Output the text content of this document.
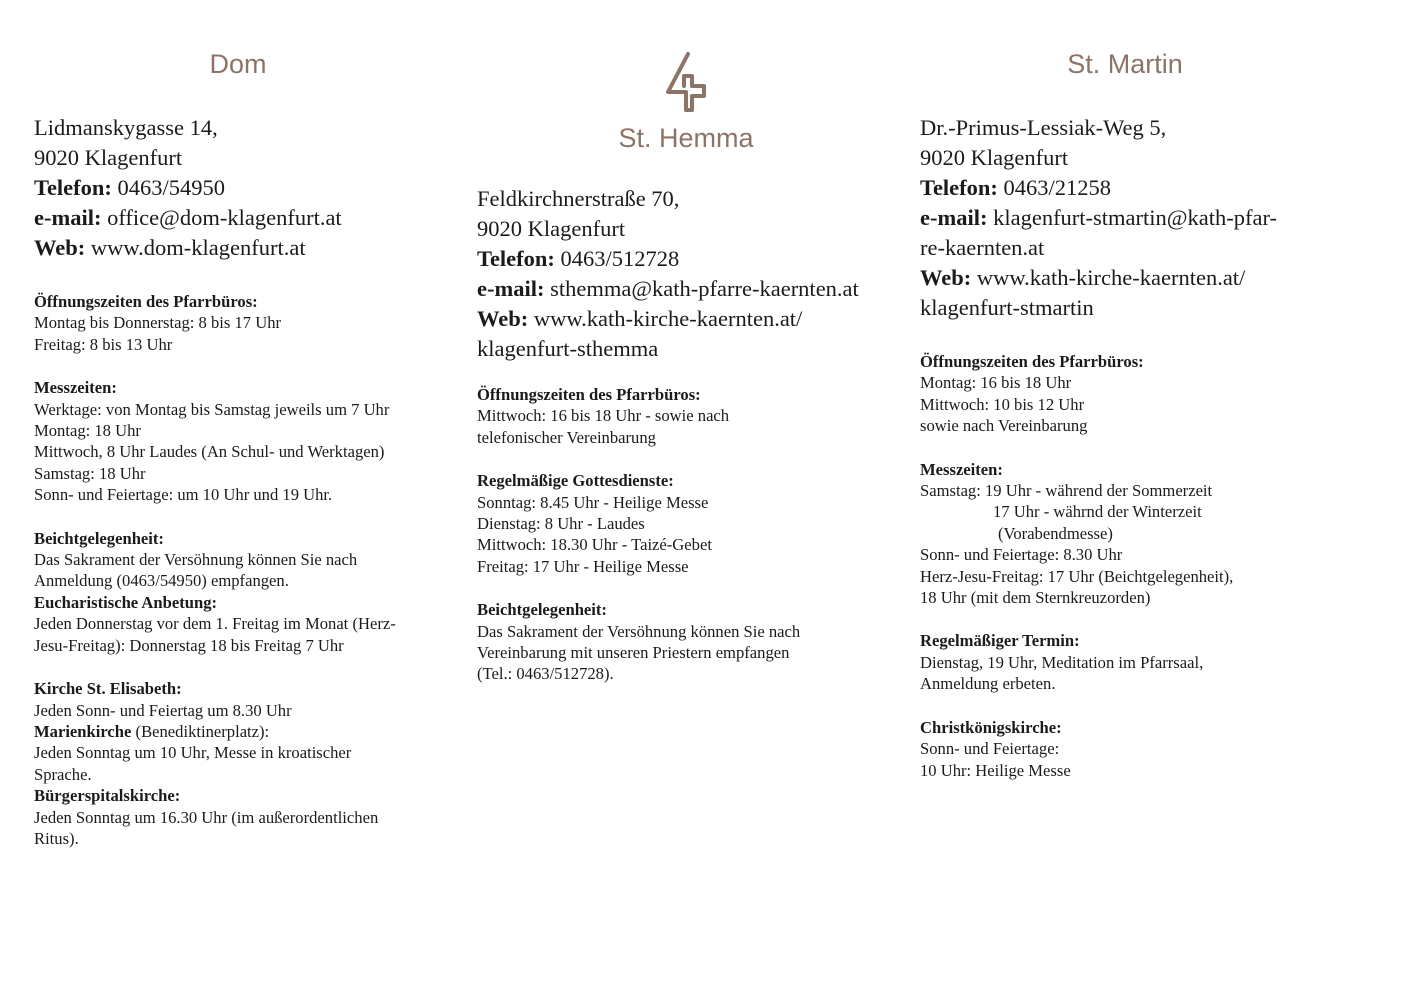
Dom
Lidmanskygasse 14,
9020 Klagenfurt
Telefon: 0463/54950
e-mail: office@dom-klagenfurt.at
Web: www.dom-klagenfurt.at
Öffnungszeiten des Pfarrbüros:
Montag bis Donnerstag: 8 bis 17 Uhr
Freitag: 8 bis 13 Uhr
Messzeiten:
Werktage: von Montag bis Samstag jeweils um 7 Uhr
Montag: 18 Uhr
Mittwoch, 8 Uhr Laudes (An Schul- und Werktagen)
Samstag: 18 Uhr
Sonn- und Feiertage: um 10 Uhr und 19 Uhr.
Beichtgelegenheit:
Das Sakrament der Versöhnung können Sie nach
Anmeldung (0463/54950) empfangen.
Eucharistische Anbetung:
Jeden Donnerstag vor dem 1. Freitag im Monat (Herz-
Jesu-Freitag): Donnerstag 18 bis Freitag 7 Uhr
Kirche St. Elisabeth:
Jeden Sonn- und Feiertag um 8.30 Uhr
Marienkirche (Benediktinerplatz):
Jeden Sonntag um 10 Uhr, Messe in kroatischer
Sprache.
Bürgerspitalskirche:
Jeden Sonntag um 16.30 Uhr (im außerordentlichen
Ritus).
St. Hemma
Feldkirchnerstraße 70,
9020 Klagenfurt
Telefon: 0463/512728
e-mail: sthemma@kath-pfarre-kaernten.at
Web: www.kath-kirche-kaernten.at/
klagenfurt-sthemma
Öffnungszeiten des Pfarrbüros:
Mittwoch: 16 bis 18 Uhr - sowie nach
telefonischer Vereinbarung
Regelmäßige Gottesdienste:
Sonntag: 8.45 Uhr - Heilige Messe
Dienstag: 8 Uhr - Laudes
Mittwoch: 18.30 Uhr - Taizé-Gebet
Freitag: 17 Uhr - Heilige Messe
Beichtgelegenheit:
Das Sakrament der Versöhnung können Sie nach
Vereinbarung mit unseren Priestern empfangen
(Tel.: 0463/512728).
St. Martin
Dr.-Primus-Lessiak-Weg 5,
9020 Klagenfurt
Telefon: 0463/21258
e-mail: klagenfurt-stmartin@kath-pfar-
re-kaernten.at
Web: www.kath-kirche-kaernten.at/
klagenfurt-stmartin
Öffnungszeiten des Pfarrbüros:
Montag: 16 bis 18 Uhr
Mittwoch: 10 bis 12 Uhr
sowie nach Vereinbarung
Messzeiten:
Samstag: 19 Uhr - während der Sommerzeit
17 Uhr - währnd der Winterzeit
(Vorabendmesse)
Sonn- und Feiertage: 8.30 Uhr
Herz-Jesu-Freitag: 17 Uhr (Beichtgelegenheit),
18 Uhr (mit dem Sternkreuzorden)
Regelmäßiger Termin:
Dienstag, 19 Uhr, Meditation im Pfarrsaal,
Anmeldung erbeten.
Christkönigskirche:
Sonn- und Feiertage:
10 Uhr: Heilige Messe
